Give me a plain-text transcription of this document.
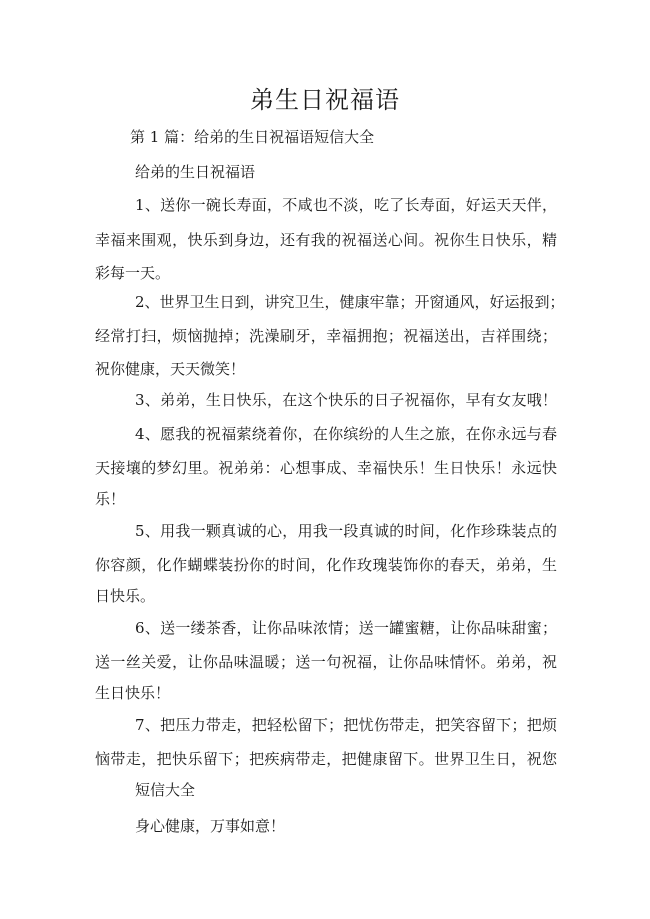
弟生日祝福语
第 1 篇：给弟的生日祝福语短信大全
给弟的生日祝福语
1、送你一碗长寿面，不咸也不淡，吃了长寿面，好运天天伴，
幸福来围观，快乐到身边，还有我的祝福送心间。祝你生日快乐，精
彩每一天。
2、世界卫生日到，讲究卫生，健康牢靠；开窗通风，好运报到；
经常打扫，烦恼抛掉；洗澡刷牙，幸福拥抱；祝福送出，吉祥围绕；
祝你健康，天天微笑！
3、弟弟，生日快乐，在这个快乐的日子祝福你，早有女友哦！
4、愿我的祝福萦绕着你，在你缤纷的人生之旅，在你永远与春
天接壤的梦幻里。祝弟弟：心想事成、幸福快乐！生日快乐！永远快
乐！
5、用我一颗真诚的心，用我一段真诚的时间，化作珍珠装点的
你容颜，化作蝴蝶装扮你的时间，化作玫瑰装饰你的春天，弟弟，生
日快乐。
6、送一缕茶香，让你品味浓情；送一罐蜜糖，让你品味甜蜜；
送一丝关爱，让你品味温暖；送一句祝福，让你品味情怀。弟弟，祝
生日快乐！
7、把压力带走，把轻松留下；把忧伤带走，把笑容留下；把烦
恼带走，把快乐留下；把疾病带走，把健康留下。世界卫生日，祝您
短信大全
身心健康，万事如意！
